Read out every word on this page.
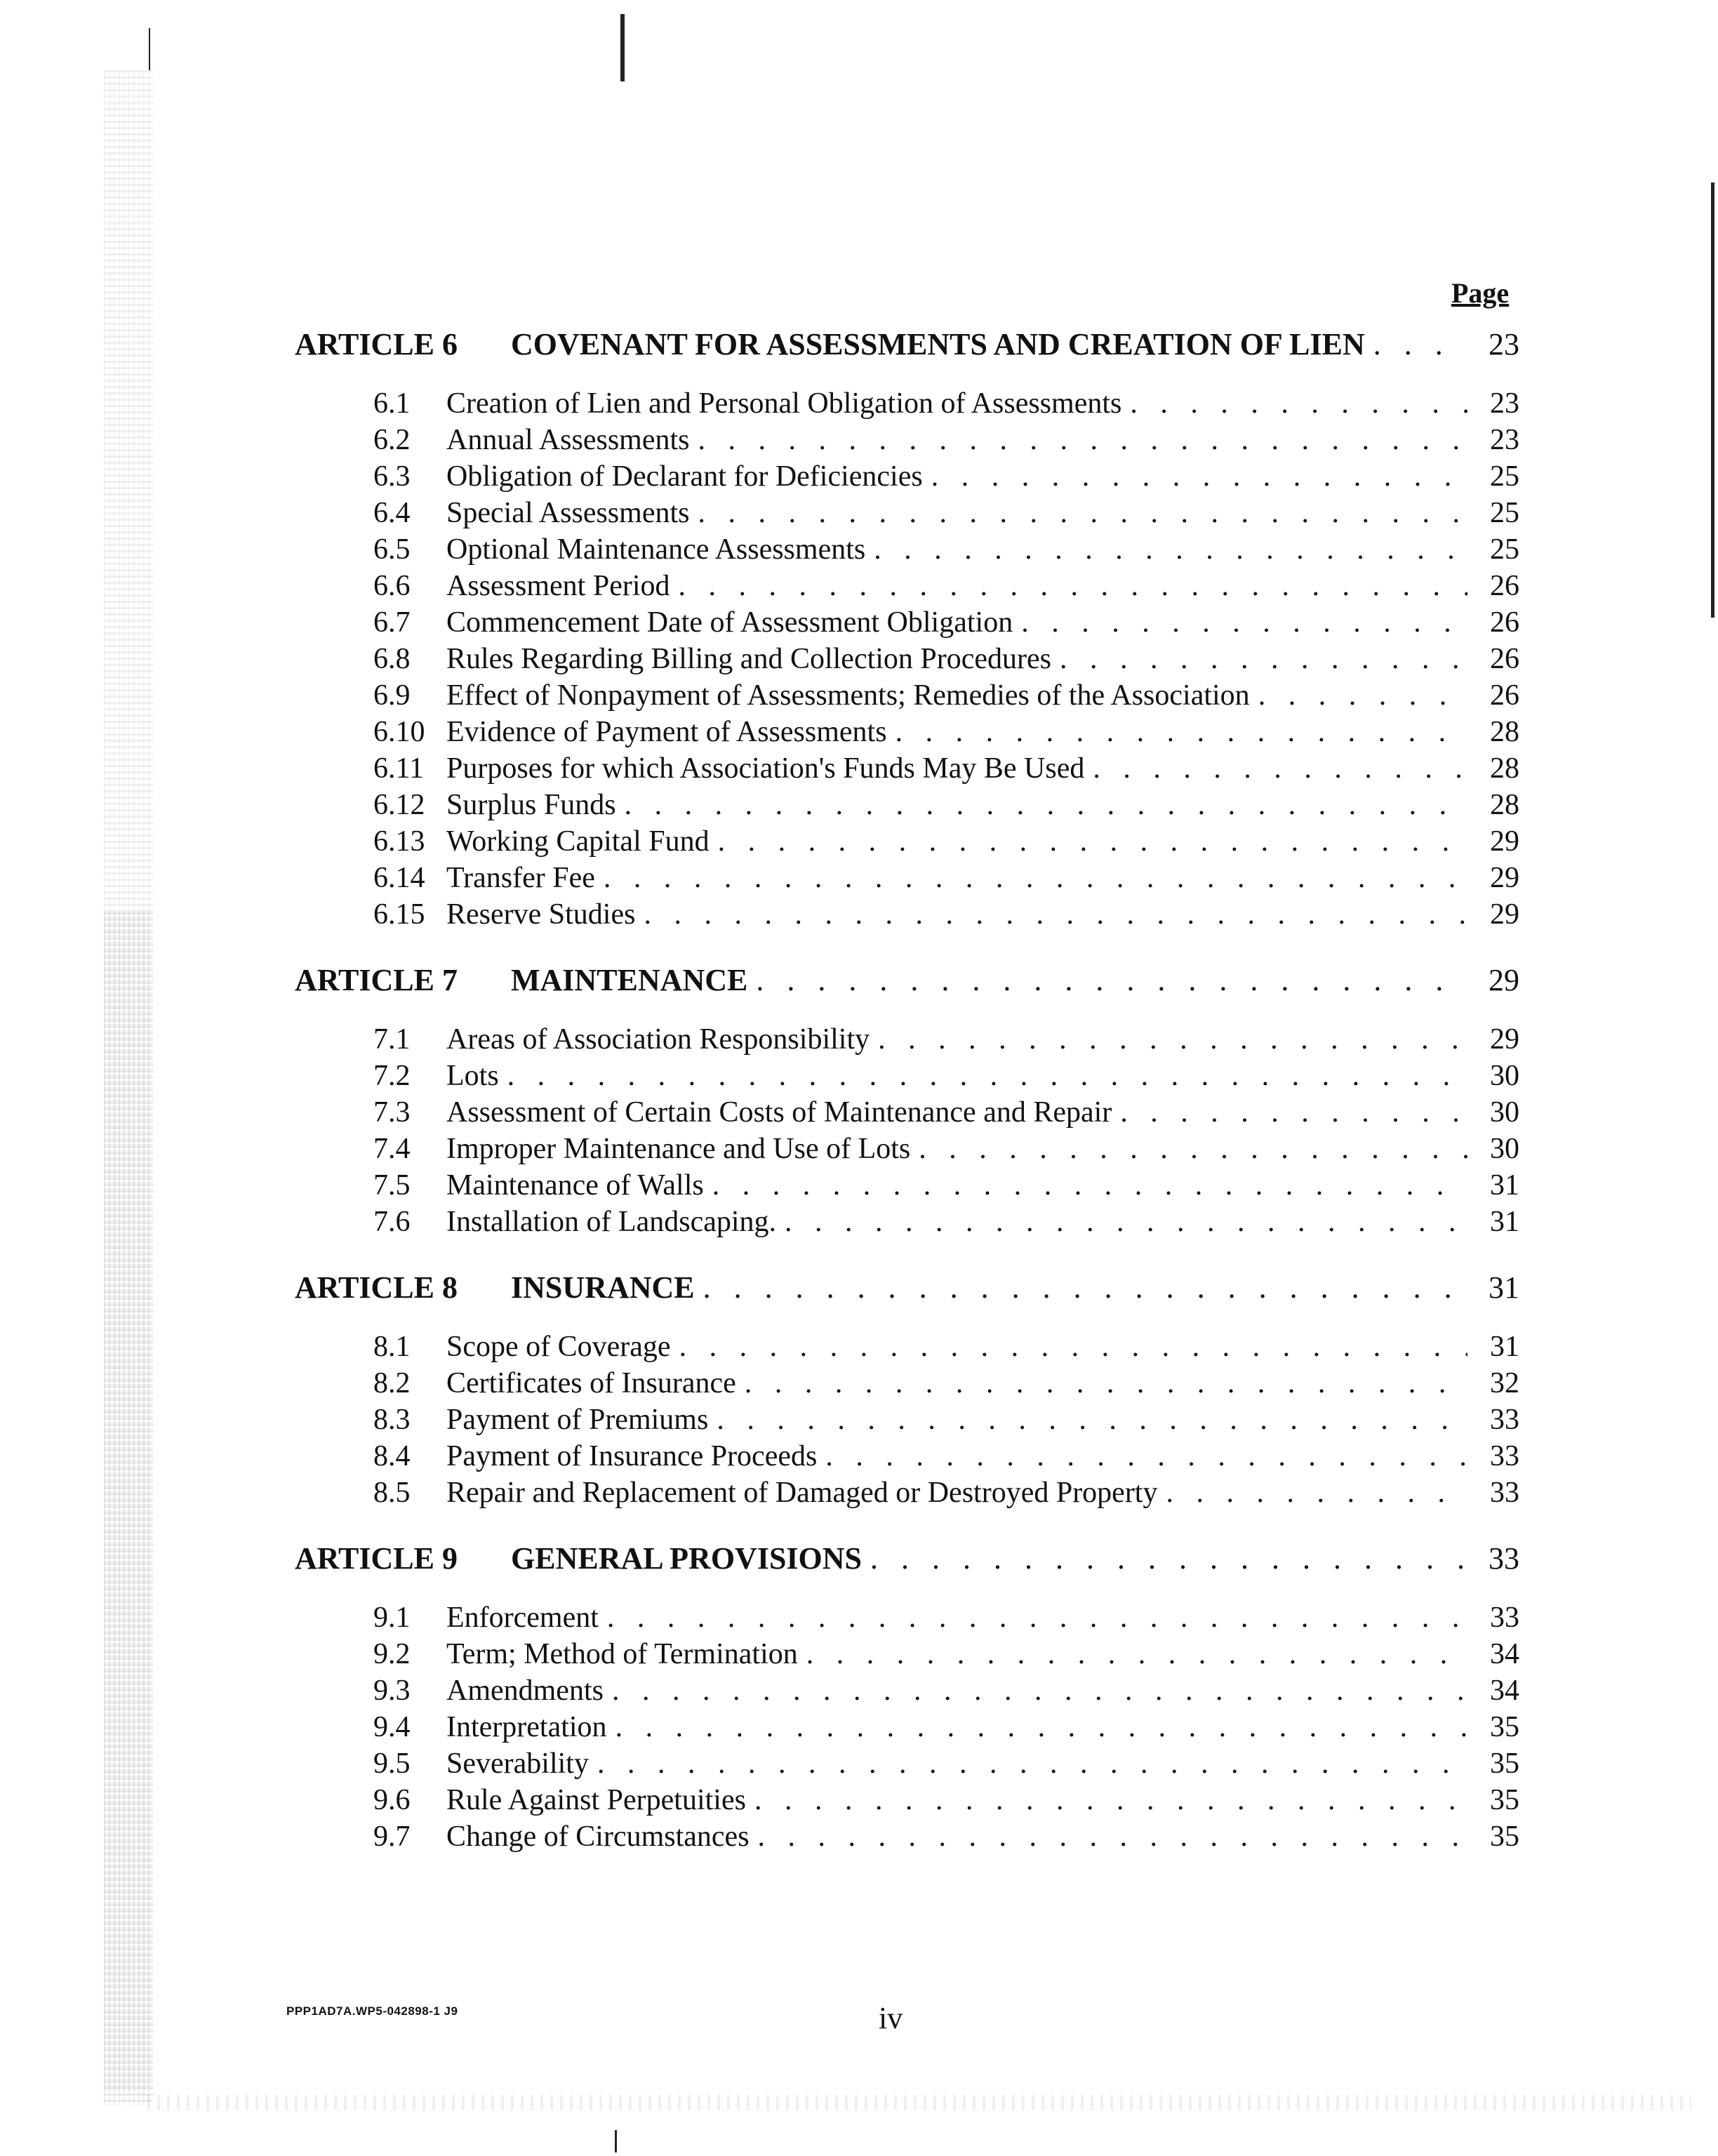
Page
ARTICLE 6	COVENANT FOR ASSESSMENTS AND CREATION OF LIEN . . .	23
6.1	Creation of Lien and Personal Obligation of Assessments . . .	23
6.2	Annual Assessments . . .	23
6.3	Obligation of Declarant for Deficiencies . . .	25
6.4	Special Assessments . . .	25
6.5	Optional Maintenance Assessments . . .	25
6.6	Assessment Period . . .	26
6.7	Commencement Date of Assessment Obligation . . .	26
6.8	Rules Regarding Billing and Collection Procedures . . .	26
6.9	Effect of Nonpayment of Assessments; Remedies of the Association . . .	26
6.10 Evidence of Payment of Assessments . . .	28
6.11 Purposes for which Association's Funds May Be Used . . .	28
6.12 Surplus Funds . . .	28
6.13 Working Capital Fund . . .	29
6.14 Transfer Fee . . .	29
6.15 Reserve Studies . . .	29
ARTICLE 7	MAINTENANCE . . .	29
7.1	Areas of Association Responsibility . . .	29
7.2	Lots . . .	30
7.3	Assessment of Certain Costs of Maintenance and Repair . . .	30
7.4	Improper Maintenance and Use of Lots . . .	30
7.5	Maintenance of Walls . . .	31
7.6	Installation of Landscaping. . . .	31
ARTICLE 8	INSURANCE . . .	31
8.1	Scope of Coverage . . .	31
8.2	Certificates of Insurance . . .	32
8.3	Payment of Premiums . . .	33
8.4	Payment of Insurance Proceeds . . .	33
8.5	Repair and Replacement of Damaged or Destroyed Property . . .	33
ARTICLE 9	GENERAL PROVISIONS . . .	33
9.1	Enforcement . . .	33
9.2	Term; Method of Termination . . .	34
9.3	Amendments . . .	34
9.4	Interpretation . . .	35
9.5	Severability . . .	35
9.6	Rule Against Perpetuities . . .	35
9.7	Change of Circumstances . . .	35
PPP1AD7A.WP5-042898-1 J9	iv
